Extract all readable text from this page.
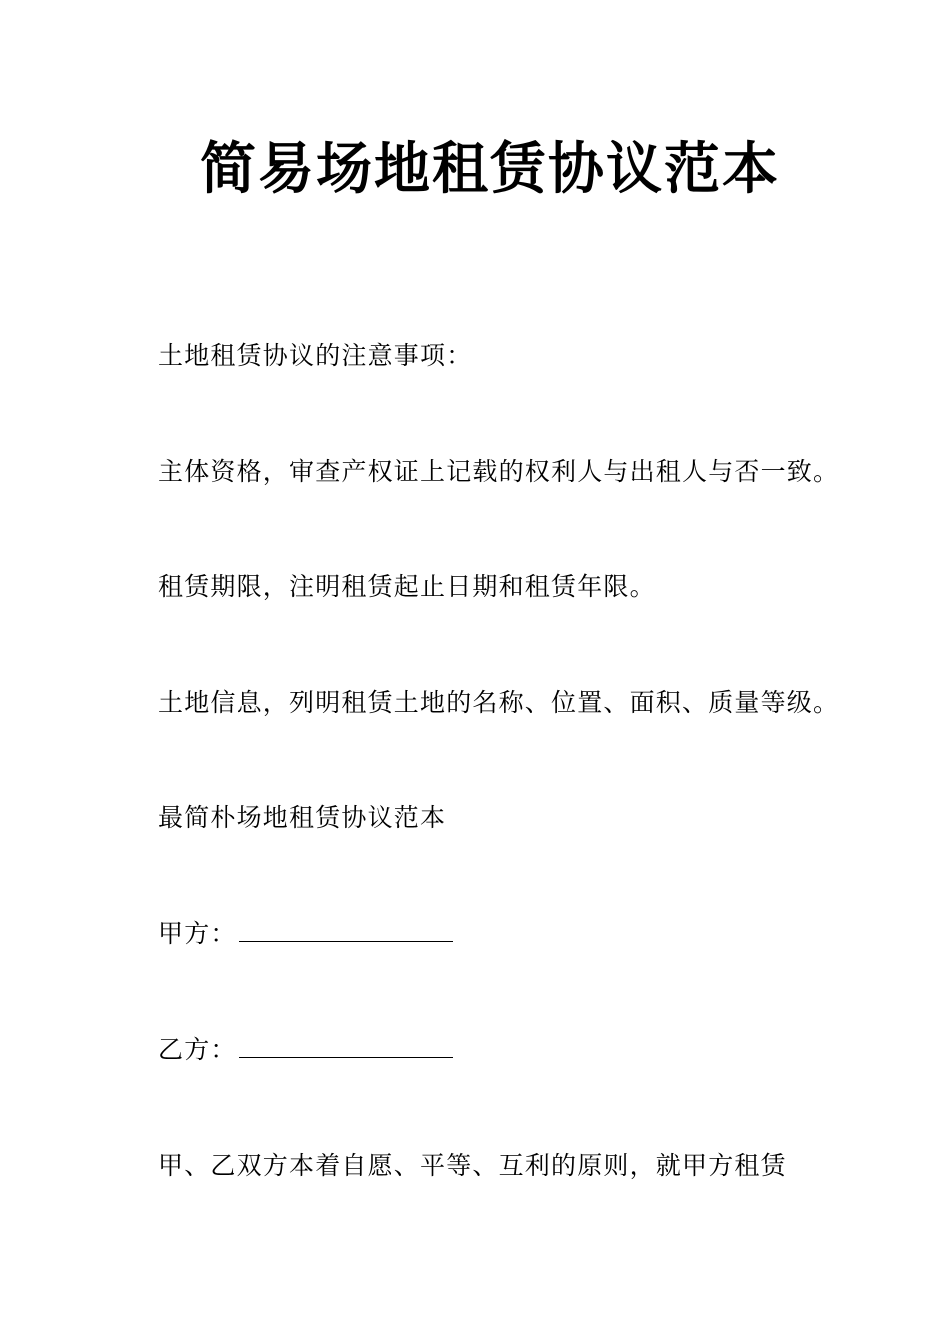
简易场地租赁协议范本

土地租赁协议的注意事项：

主体资格，审查产权证上记载的权利人与出租人与否一致。

租赁期限，注明租赁起止日期和租赁年限。

土地信息，列明租赁土地的名称、位置、面积、质量等级。

最简朴场地租赁协议范本

甲方：

乙方：

甲、乙双方本着自愿、平等、互利的原则，就甲方租赁
